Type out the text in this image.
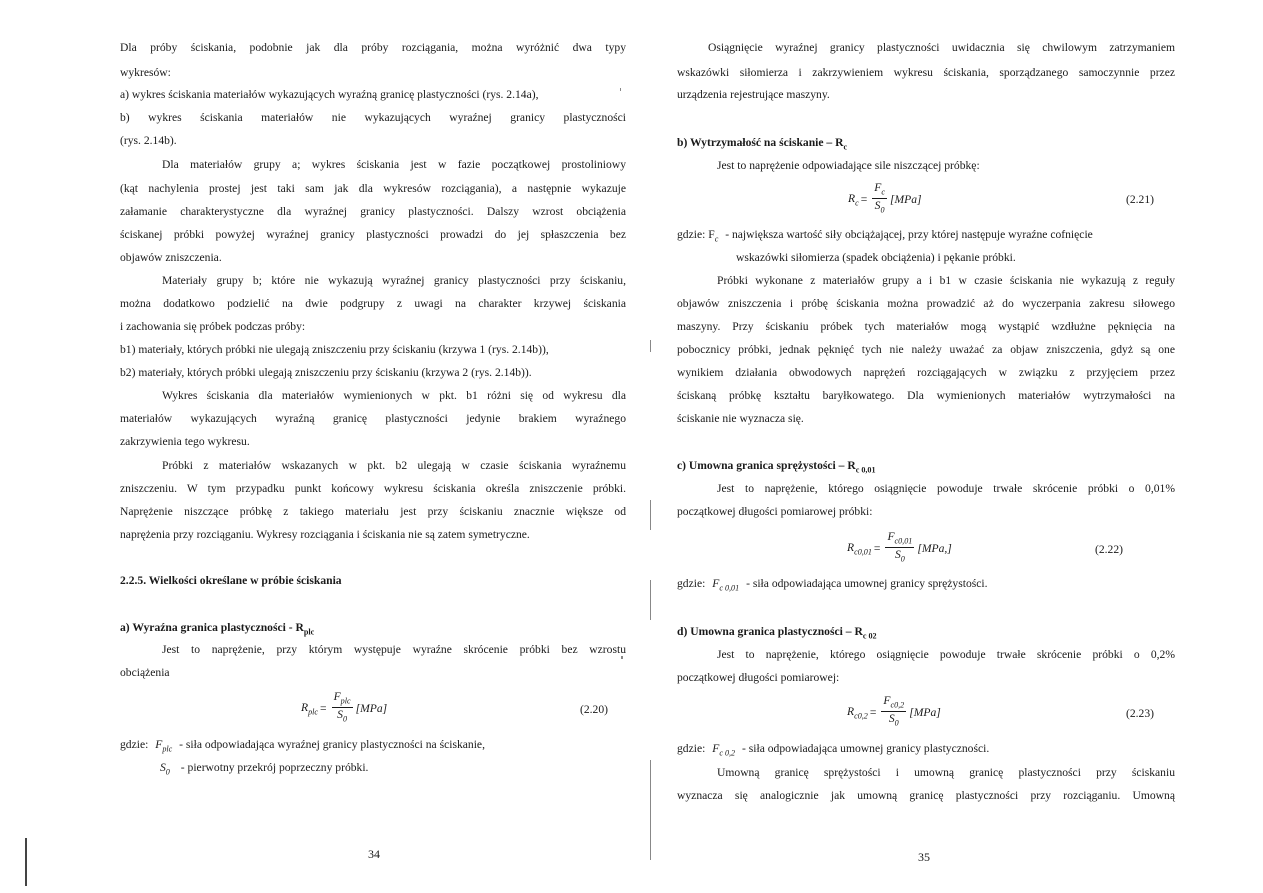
Dla próby ściskania, podobnie jak dla próby rozciągania, można wyróżnić dwa typy
wykresów:
a) wykres ściskania materiałów wykazujących wyraźną granicę plastyczności (rys. 2.14a),
b) wykres ściskania materiałów nie wykazujących wyraźnej granicy plastyczności
(rys. 2.14b).
Dla materiałów grupy a; wykres ściskania jest w fazie początkowej prostoliniowy
(kąt nachylenia prostej jest taki sam jak dla wykresów rozciągania), a następnie wykazuje
załamanie charakterystyczne dla wyraźnej granicy plastyczności. Dalszy wzrost obciążenia
ściskanej próbki powyżej wyraźnej granicy plastyczności prowadzi do jej spłaszczenia bez
objawów zniszczenia.
Materiały grupy b; które nie wykazują wyraźnej granicy plastyczności przy ściskaniu,
można dodatkowo podzielić na dwie podgrupy z uwagi na charakter krzywej ściskania
i zachowania się próbek podczas próby:
b1) materiały, których próbki nie ulegają zniszczeniu przy ściskaniu (krzywa 1 (rys. 2.14b)),
b2) materiały, których próbki ulegają zniszczeniu przy ściskaniu (krzywa 2 (rys. 2.14b)).
Wykres ściskania dla materiałów wymienionych w pkt. b1 różni się od wykresu dla
materiałów wykazujących wyraźną granicę plastyczności jedynie brakiem wyraźnego
zakrzywienia tego wykresu.
Próbki z materiałów wskazanych w pkt. b2 ulegają w czasie ściskania wyraźnemu
zniszczeniu. W tym przypadku punkt końcowy wykresu ściskania określa zniszczenie próbki.
Naprężenie niszczące próbkę z takiego materiału jest przy ściskaniu znacznie większe od
naprężenia przy rozciąganiu. Wykresy rozciągania i ściskania nie są zatem symetryczne.
2.2.5. Wielkości określane w próbie ściskania
a) Wyraźna granica plastyczności - $R_{plc}$
Jest to naprężenie, przy którym występuje wyraźne skrócenie próbki bez wzrostu
obciążenia
$R_{plc} = \frac{F_{plc}}{S_0} [MPa]$	(2.20)
gdzie: $F_{plc}$ - siła odpowiadająca wyraźnej granicy plastyczności na ściskanie,
$S_0$ - pierwotny przekrój poprzeczny próbki.
34
Osiągnięcie wyraźnej granicy plastyczności uwidacznia się chwilowym zatrzymaniem
wskazówki siłomierza i zakrzywieniem wykresu ściskania, sporządzanego samoczynnie przez
urządzenia rejestrujące maszyny.
b) Wytrzymałość na ściskanie – $R_c$
Jest to naprężenie odpowiadające sile niszczącej próbkę:
$R_c = \frac{F_c}{S_0} [MPa]$	(2.21)
gdzie: $F_c$ - największa wartość siły obciążającej, przy której następuje wyraźne cofnięcie
wskazówki siłomierza (spadek obciążenia) i pękanie próbki.
Próbki wykonane z materiałów grupy a i b1 w czasie ściskania nie wykazują z reguły
objawów zniszczenia i próbę ściskania można prowadzić aż do wyczerpania zakresu siłowego
maszyny. Przy ściskaniu próbek tych materiałów mogą wystąpić wzdłużne pęknięcia na
pobocznicy próbki, jednak pęknięć tych nie należy uważać za objaw zniszczenia, gdyż są one
wynikiem działania obwodowych naprężeń rozciągających w związku z przyjęciem przez
ściskaną próbkę kształtu baryłkowatego. Dla wymienionych materiałów wytrzymałości na
ściskanie nie wyznacza się.
c) Umowna granica sprężystości – $R_{c 0,01}$
Jest to naprężenie, którego osiągnięcie powoduje trwałe skrócenie próbki o 0,01%
początkowej długości pomiarowej próbki:
$R_{c0,01} = \frac{F_{c0,01}}{S_0} [MPa,]$	(2.22)
gdzie: $F_{c 0,01}$ - siła odpowiadająca umownej granicy sprężystości.
d) Umowna granica plastyczności – $R_{c 02}$
Jest to naprężenie, którego osiągnięcie powoduje trwałe skrócenie próbki o 0,2%
początkowej długości pomiarowej:
$R_{c0,2} = \frac{F_{c0,2}}{S_0} [MPa]$	(2.23)
gdzie: $F_{c 0,2}$ - siła odpowiadająca umownej granicy plastyczności.
Umowną granicę sprężystości i umowną granicę plastyczności przy ściskaniu
wyznacza się analogicznie jak umowną granicę plastyczności przy rozciąganiu. Umowną
35
